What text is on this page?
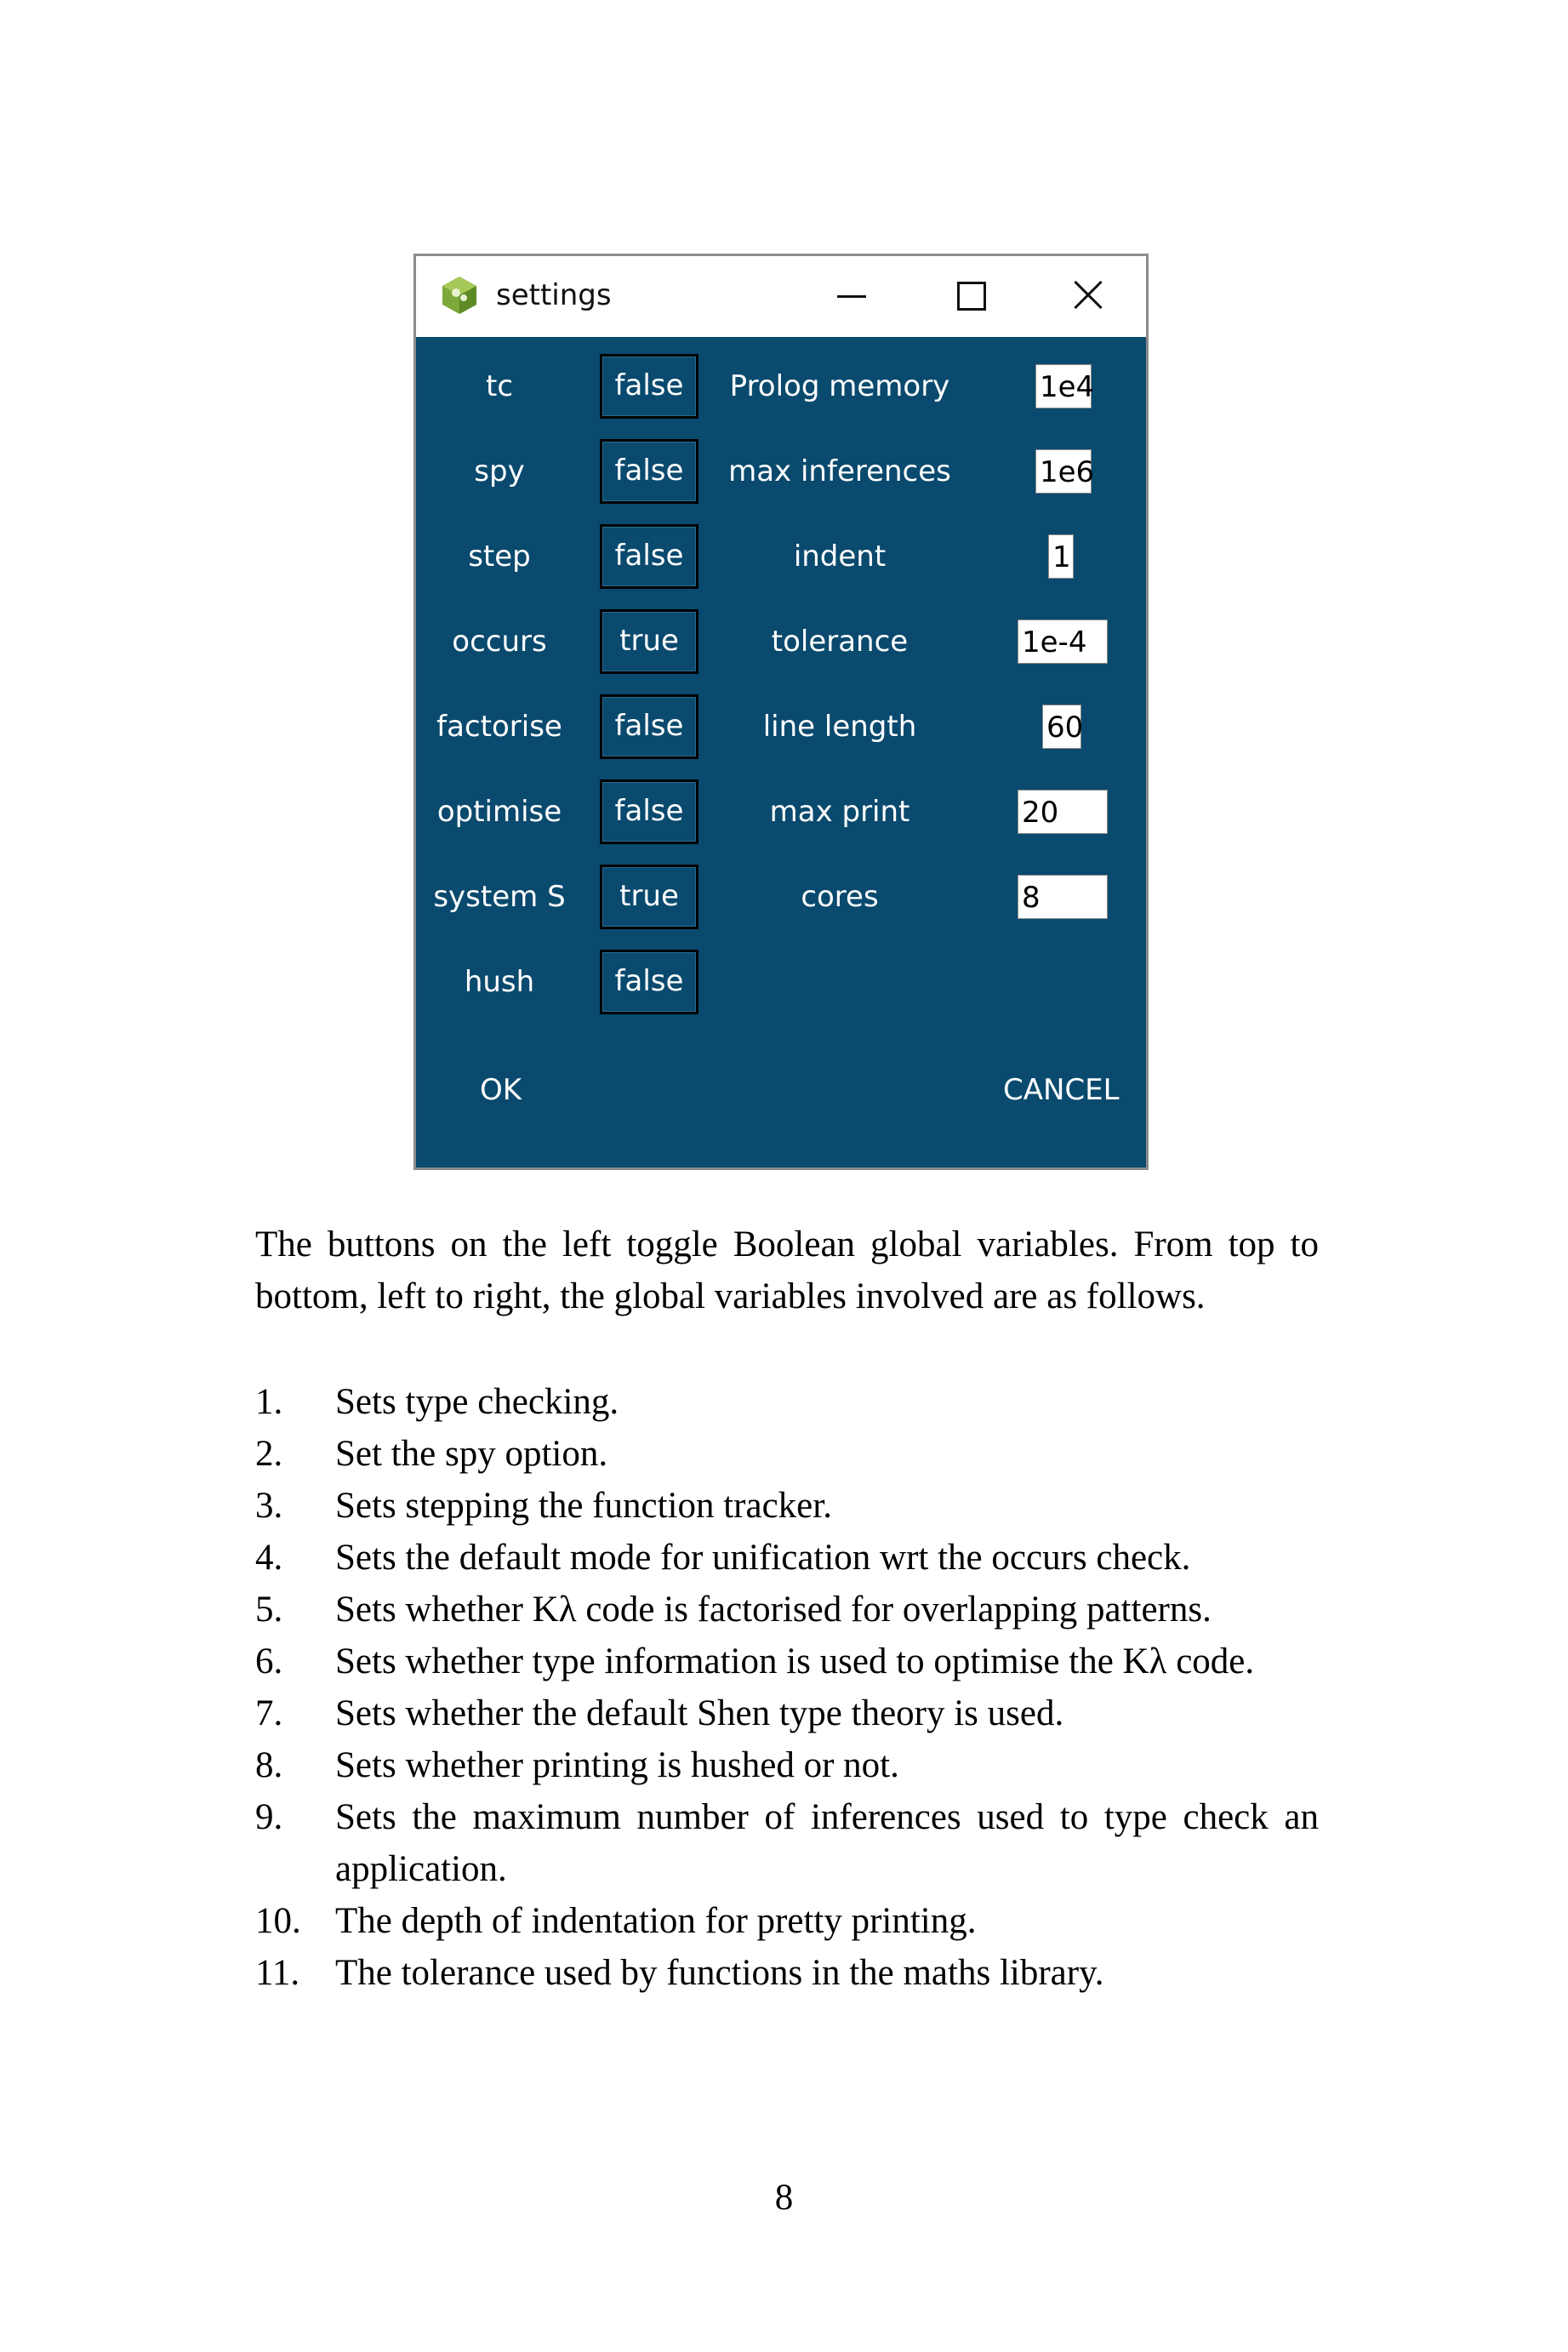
settings
tc	false	Prolog memory	1e4
spy	false	max inferences	1e6
step	false	indent	1
occurs	true	tolerance	1e-4
factorise	false	line length	60
optimise	false	max print	20
system S	true	cores	8
hush	false
OK	CANCEL

The buttons on the left toggle Boolean global variables. From top to bottom, left to right, the global variables involved are as follows.

1. Sets type checking.
2. Set the spy option.
3. Sets stepping the function tracker.
4. Sets the default mode for unification wrt the occurs check.
5. Sets whether Kλ code is factorised for overlapping patterns.
6. Sets whether type information is used to optimise the Kλ code.
7. Sets whether the default Shen type theory is used.
8. Sets whether printing is hushed or not.
9. Sets the maximum number of inferences used to type check an application.
10. The depth of indentation for pretty printing.
11. The tolerance used by functions in the maths library.
8
